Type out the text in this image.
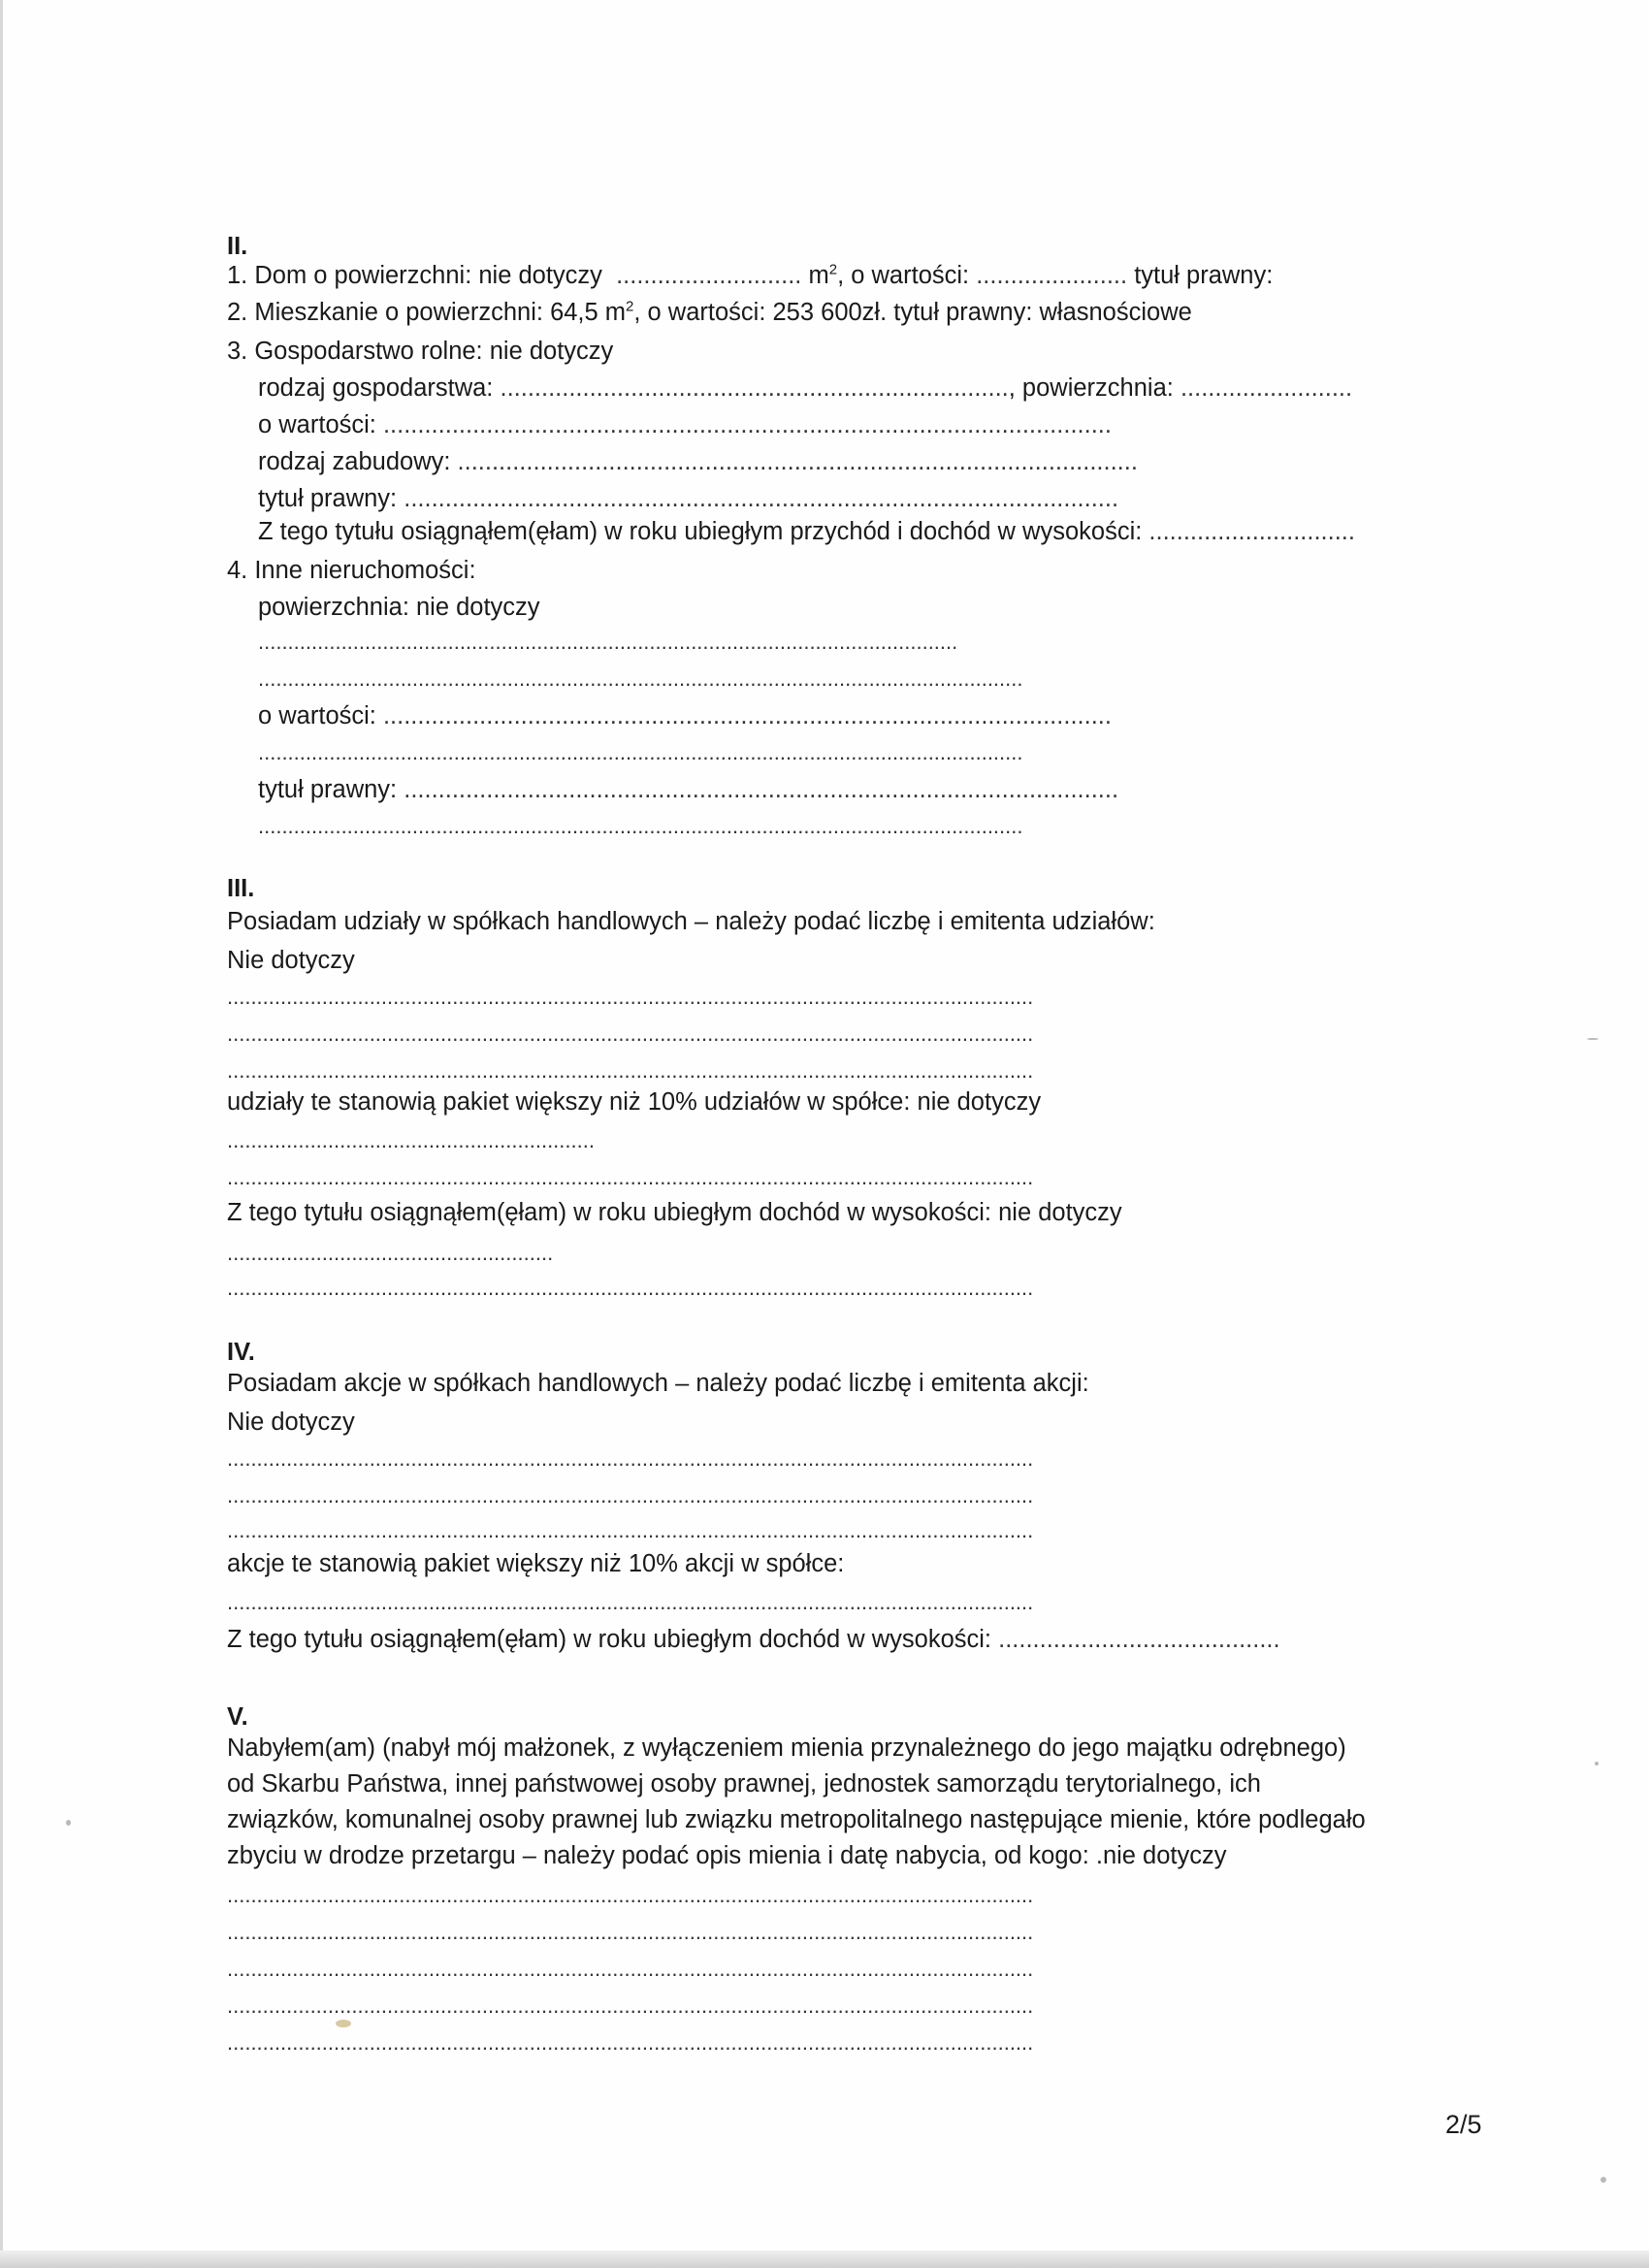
II.
1. Dom o powierzchni: nie dotyczy ........................... $m^2$, o wartości: ...................... tytuł prawny:
2. Mieszkanie o powierzchni: 64,5 $m^2$, o wartości: 253 600zł. tytuł prawny: własnościowe
3. Gospodarstwo rolne: nie dotyczy
rodzaj gospodarstwa: .........................................................................., powierzchnia: .........................
o wartości: ..........................................................................................................
rodzaj zabudowy: ...................................................................................................
tytuł prawny: ........................................................................................................
Z tego tytułu osiągnąłem(ęłam) w roku ubiegłym przychód i dochód w wysokości: ..............................
4. Inne nieruchomości:
powierzchnia: nie dotyczy
......................................................................................................................
.................................................................................................................................
o wartości: ..........................................................................................................
.................................................................................................................................
tytuł prawny: ........................................................................................................
.................................................................................................................................
III.
Posiadam udziały w spółkach handlowych – należy podać liczbę i emitenta udziałów:
Nie dotyczy
........................................................................................................................................
........................................................................................................................................
........................................................................................................................................
udziały te stanowią pakiet większy niż 10% udziałów w spółce: nie dotyczy
..............................................................
........................................................................................................................................
Z tego tytułu osiągnąłem(ęłam) w roku ubiegłym dochód w wysokości: nie dotyczy
.......................................................
........................................................................................................................................
IV.
Posiadam akcje w spółkach handlowych – należy podać liczbę i emitenta akcji:
Nie dotyczy
........................................................................................................................................
........................................................................................................................................
........................................................................................................................................
akcje te stanowią pakiet większy niż 10% akcji w spółce:
........................................................................................................................................
Z tego tytułu osiągnąłem(ęłam) w roku ubiegłym dochód w wysokości: .........................................
V.
Nabyłem(am) (nabył mój małżonek, z wyłączeniem mienia przynależnego do jego majątku odrębnego)
od Skarbu Państwa, innej państwowej osoby prawnej, jednostek samorządu terytorialnego, ich
związków, komunalnej osoby prawnej lub związku metropolitalnego następujące mienie, które podlegało
zbyciu w drodze przetargu – należy podać opis mienia i datę nabycia, od kogo: .nie dotyczy
........................................................................................................................................
........................................................................................................................................
........................................................................................................................................
........................................................................................................................................
........................................................................................................................................
2/5
